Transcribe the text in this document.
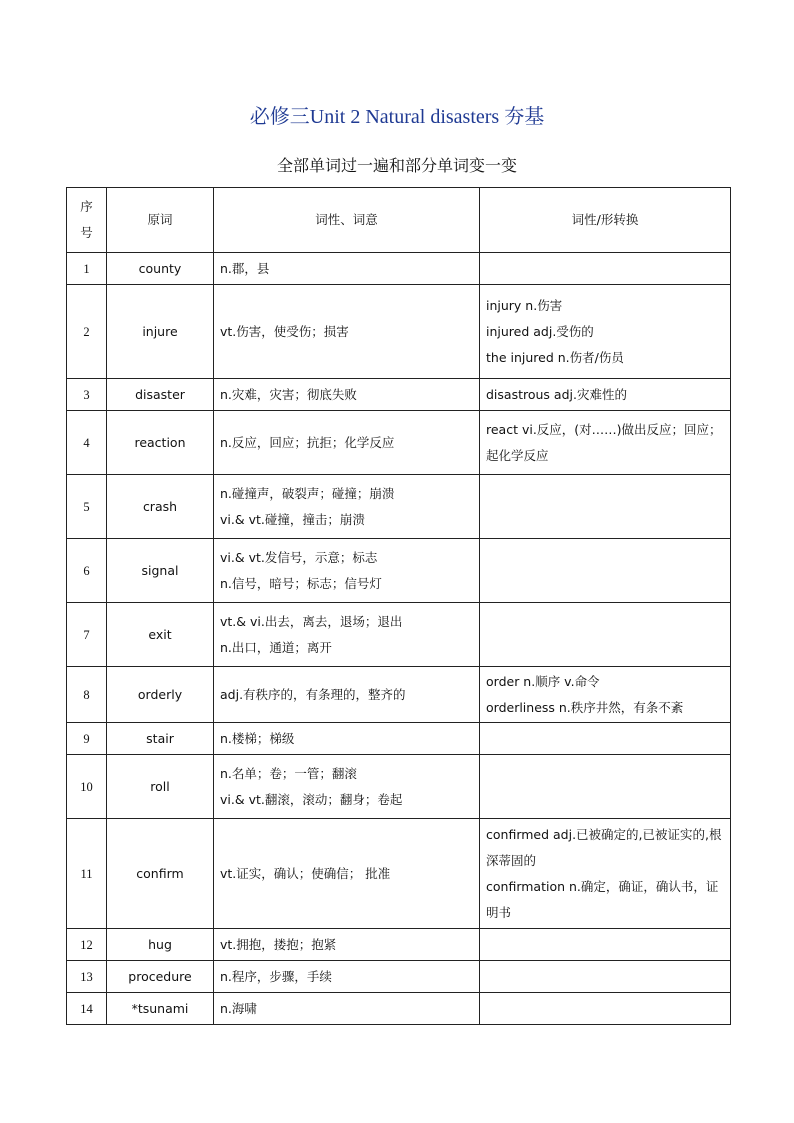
必修三Unit 2 Natural disasters 夯基
全部单词过一遍和部分单词变一变
序
号	原词	词性、词意	词性/形转换
1	county	n.郡，县	

2	injure	vt.伤害，使受伤；损害	injury n.伤害
injured adj.受伤的
the injured n.伤者/伤员

3	disaster	n.灾难，灾害；彻底失败	disastrous adj.灾难性的

4	reaction	n.反应，回应；抗拒；化学反应	react vi.反应，(对……)做出反应；回应；起化学反应

5	crash	n.碰撞声，破裂声；碰撞；崩溃
vi.& vt.碰撞，撞击；崩溃	

6	signal	vi.& vt.发信号，示意；标志
n.信号，暗号；标志；信号灯	

7	exit	vt.& vi.出去，离去，退场；退出
n.出口，通道；离开	

8	orderly	adj.有秩序的，有条理的，整齐的	order n.顺序 v.命令
orderliness n.秩序井然，有条不紊

9	stair	n.楼梯；梯级	

10	roll	n.名单；卷；一管；翻滚
vi.& vt.翻滚，滚动；翻身；卷起	

11	confirm	vt.证实，确认；使确信； 批准	confirmed adj.已被确定的,已被证实的,根深蒂固的
confirmation n.确定，确证，确认书，证明书

12	hug	vt.拥抱，搂抱；抱紧	

13	procedure	n.程序，步骤，手续	

14	*tsunami	n.海啸	
